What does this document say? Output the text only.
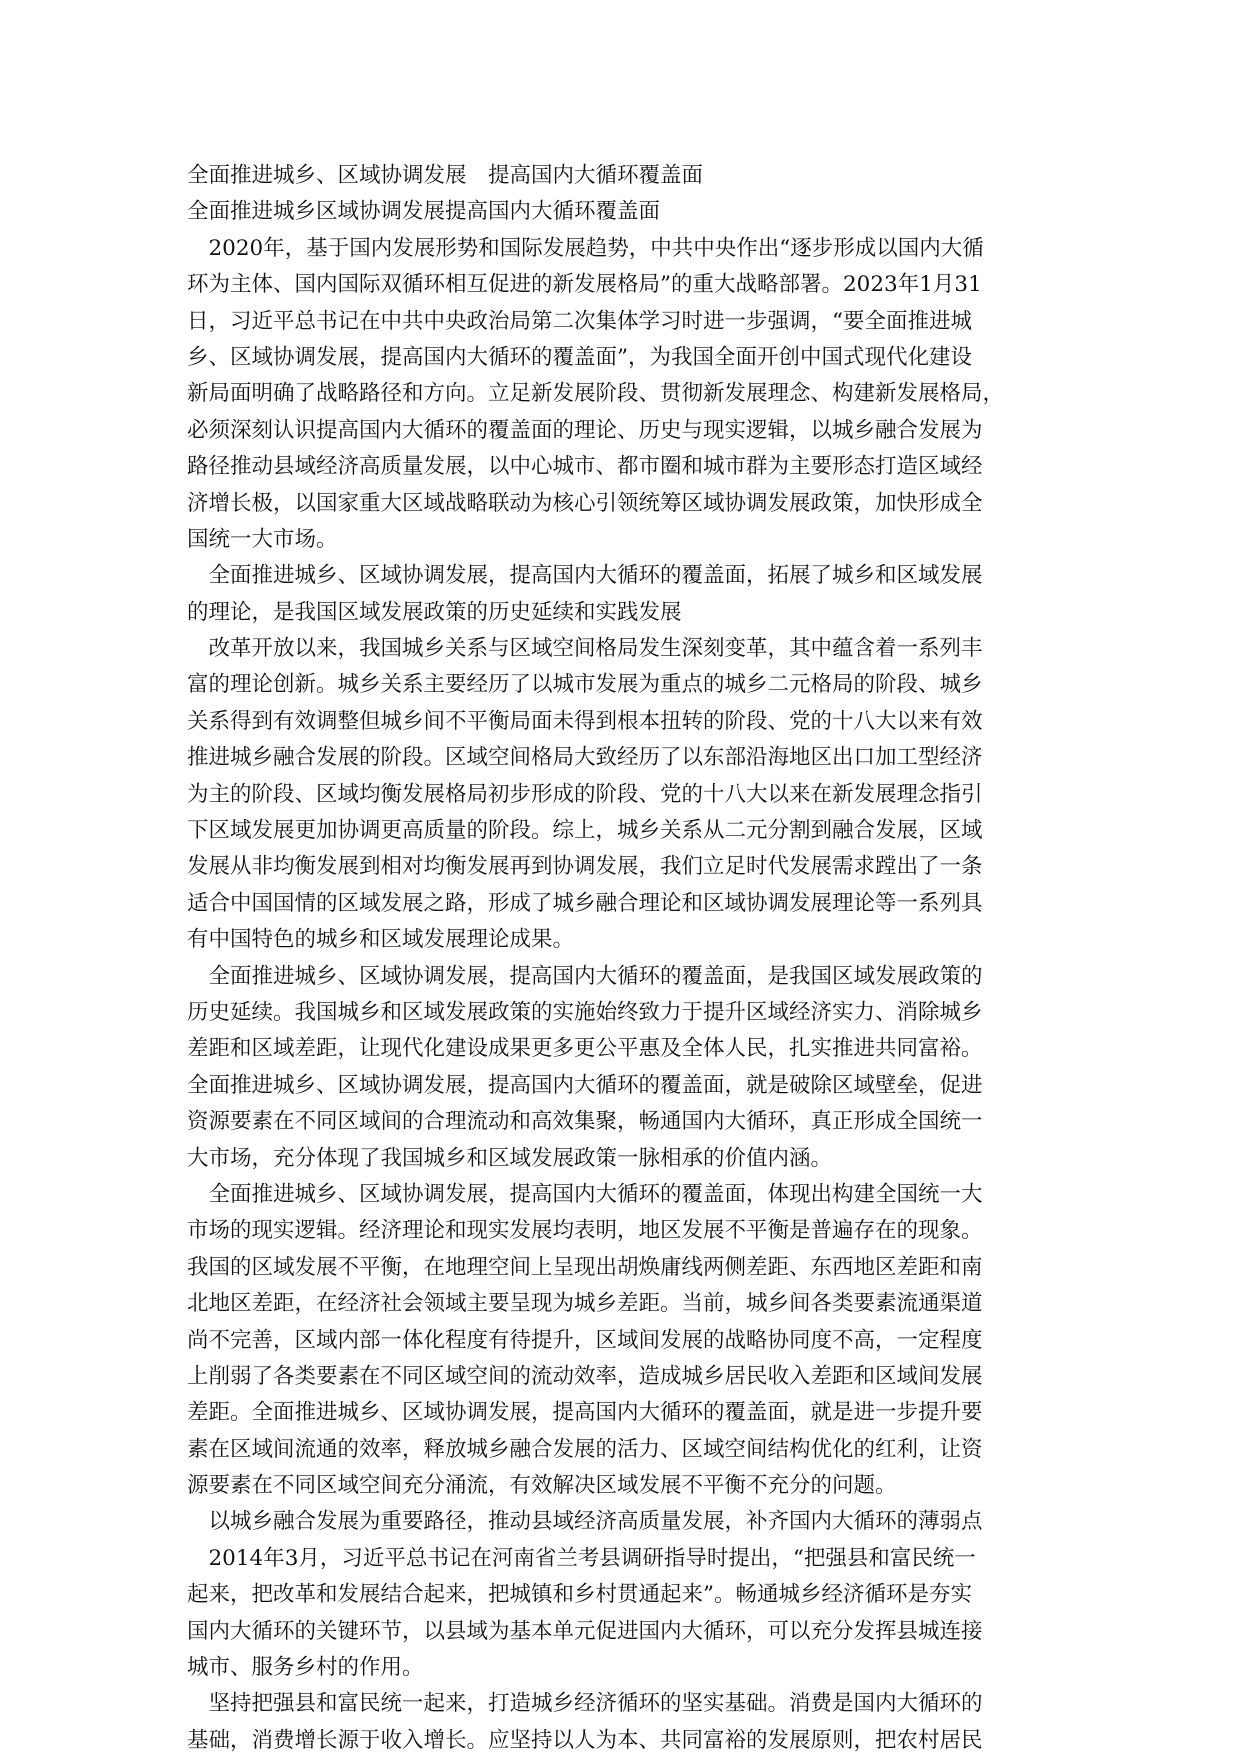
全面推进城乡、区域协调发展　提高国内大循环覆盖面
全面推进城乡区域协调发展提高国内大循环覆盖面
　2020年，基于国内发展形势和国际发展趋势，中共中央作出“逐步形成以国内大循
环为主体、国内国际双循环相互促进的新发展格局”的重大战略部署。2023年1月31
日，习近平总书记在中共中央政治局第二次集体学习时进一步强调，“要全面推进城
乡、区域协调发展，提高国内大循环的覆盖面”，为我国全面开创中国式现代化建设
新局面明确了战略路径和方向。立足新发展阶段、贯彻新发展理念、构建新发展格局，
必须深刻认识提高国内大循环的覆盖面的理论、历史与现实逻辑，以城乡融合发展为
路径推动县域经济高质量发展，以中心城市、都市圈和城市群为主要形态打造区域经
济增长极，以国家重大区域战略联动为核心引领统筹区域协调发展政策，加快形成全
国统一大市场。
　全面推进城乡、区域协调发展，提高国内大循环的覆盖面，拓展了城乡和区域发展
的理论，是我国区域发展政策的历史延续和实践发展
　改革开放以来，我国城乡关系与区域空间格局发生深刻变革，其中蕴含着一系列丰
富的理论创新。城乡关系主要经历了以城市发展为重点的城乡二元格局的阶段、城乡
关系得到有效调整但城乡间不平衡局面未得到根本扭转的阶段、党的十八大以来有效
推进城乡融合发展的阶段。区域空间格局大致经历了以东部沿海地区出口加工型经济
为主的阶段、区域均衡发展格局初步形成的阶段、党的十八大以来在新发展理念指引
下区域发展更加协调更高质量的阶段。综上，城乡关系从二元分割到融合发展，区域
发展从非均衡发展到相对均衡发展再到协调发展，我们立足时代发展需求蹚出了一条
适合中国国情的区域发展之路，形成了城乡融合理论和区域协调发展理论等一系列具
有中国特色的城乡和区域发展理论成果。
　全面推进城乡、区域协调发展，提高国内大循环的覆盖面，是我国区域发展政策的
历史延续。我国城乡和区域发展政策的实施始终致力于提升区域经济实力、消除城乡
差距和区域差距，让现代化建设成果更多更公平惠及全体人民，扎实推进共同富裕。
全面推进城乡、区域协调发展，提高国内大循环的覆盖面，就是破除区域壁垒，促进
资源要素在不同区域间的合理流动和高效集聚，畅通国内大循环，真正形成全国统一
大市场，充分体现了我国城乡和区域发展政策一脉相承的价值内涵。
　全面推进城乡、区域协调发展，提高国内大循环的覆盖面，体现出构建全国统一大
市场的现实逻辑。经济理论和现实发展均表明，地区发展不平衡是普遍存在的现象。
我国的区域发展不平衡，在地理空间上呈现出胡焕庸线两侧差距、东西地区差距和南
北地区差距，在经济社会领域主要呈现为城乡差距。当前，城乡间各类要素流通渠道
尚不完善，区域内部一体化程度有待提升，区域间发展的战略协同度不高，一定程度
上削弱了各类要素在不同区域空间的流动效率，造成城乡居民收入差距和区域间发展
差距。全面推进城乡、区域协调发展，提高国内大循环的覆盖面，就是进一步提升要
素在区域间流通的效率，释放城乡融合发展的活力、区域空间结构优化的红利，让资
源要素在不同区域空间充分涌流，有效解决区域发展不平衡不充分的问题。
　以城乡融合发展为重要路径，推动县域经济高质量发展，补齐国内大循环的薄弱点
　2014年3月，习近平总书记在河南省兰考县调研指导时提出，“把强县和富民统一
起来，把改革和发展结合起来，把城镇和乡村贯通起来”。畅通城乡经济循环是夯实
国内大循环的关键环节，以县域为基本单元促进国内大循环，可以充分发挥县城连接
城市、服务乡村的作用。
　坚持把强县和富民统一起来，打造城乡经济循环的坚实基础。消费是国内大循环的
基础，消费增长源于收入增长。应坚持以人为本、共同富裕的发展原则，把农村居民
